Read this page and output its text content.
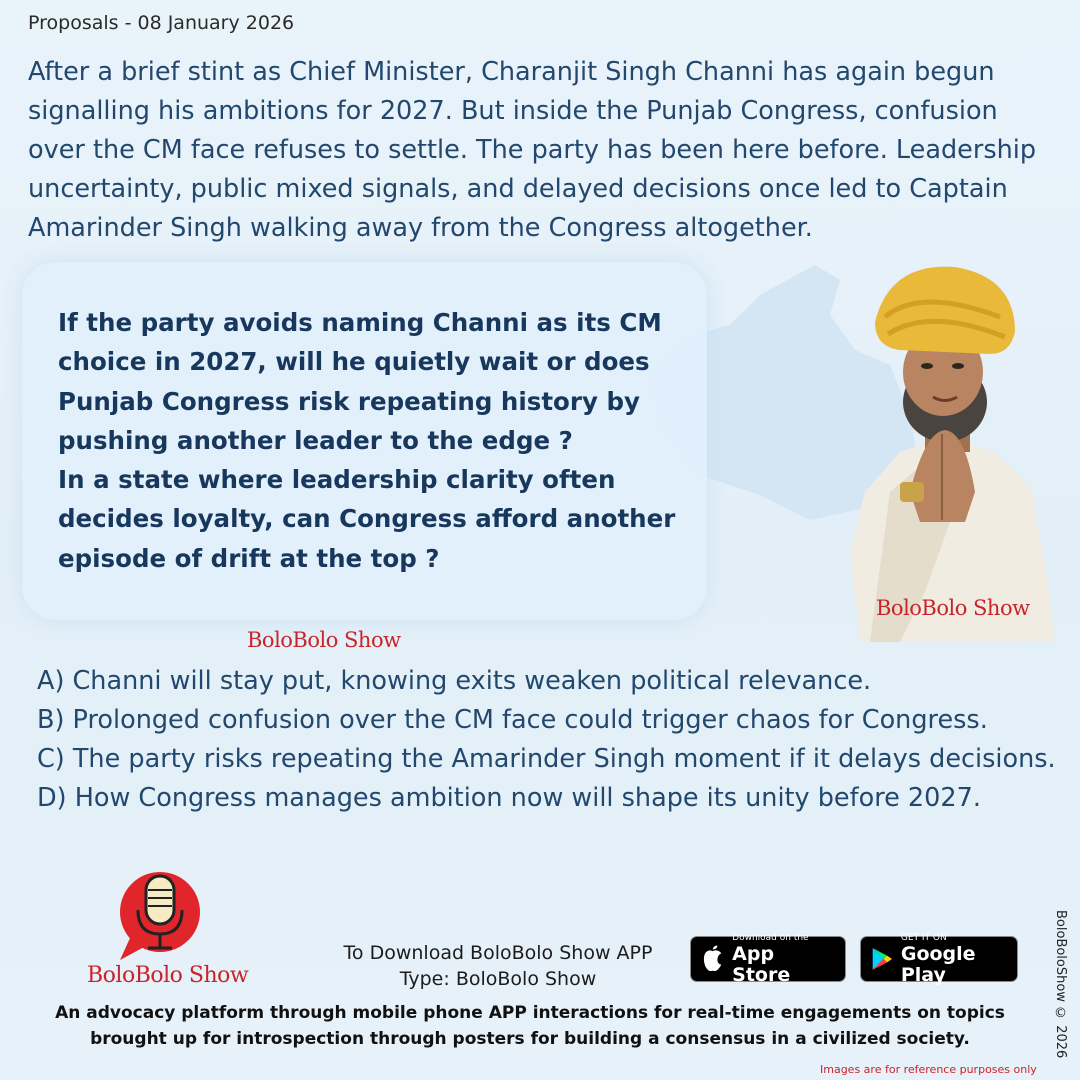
Proposals - 08 January 2026

After a brief stint as Chief Minister, Charanjit Singh Channi has again begun signalling his ambitions for 2027. But inside the Punjab Congress, confusion over the CM face refuses to settle. The party has been here before. Leadership uncertainty, public mixed signals, and delayed decisions once led to Captain Amarinder Singh walking away from the Congress altogether.

If the party avoids naming Channi as its CM choice in 2027, will he quietly wait or does Punjab Congress risk repeating history by pushing another leader to the edge ?
In a state where leadership clarity often decides loyalty, can Congress afford another episode of drift at the top ?
BoloBolo Show
BoloBolo Show
A) Channi will stay put, knowing exits weaken political relevance.
B) Prolonged confusion over the CM face could trigger chaos for Congress.
C) The party risks repeating the Amarinder Singh moment if it delays decisions.
D) How Congress manages ambition now will shape its unity before 2027.
BoloBolo Show
To Download BoloBolo Show APP
Type: BoloBolo Show
Download on the
App Store
GET IT ON
Google Play

An advocacy platform through mobile phone APP interactions for real-time engagements on topics brought up for introspection through posters for building a consensus in a civilized society.	BoloBoloShow © 2026
Images are for reference purposes only
